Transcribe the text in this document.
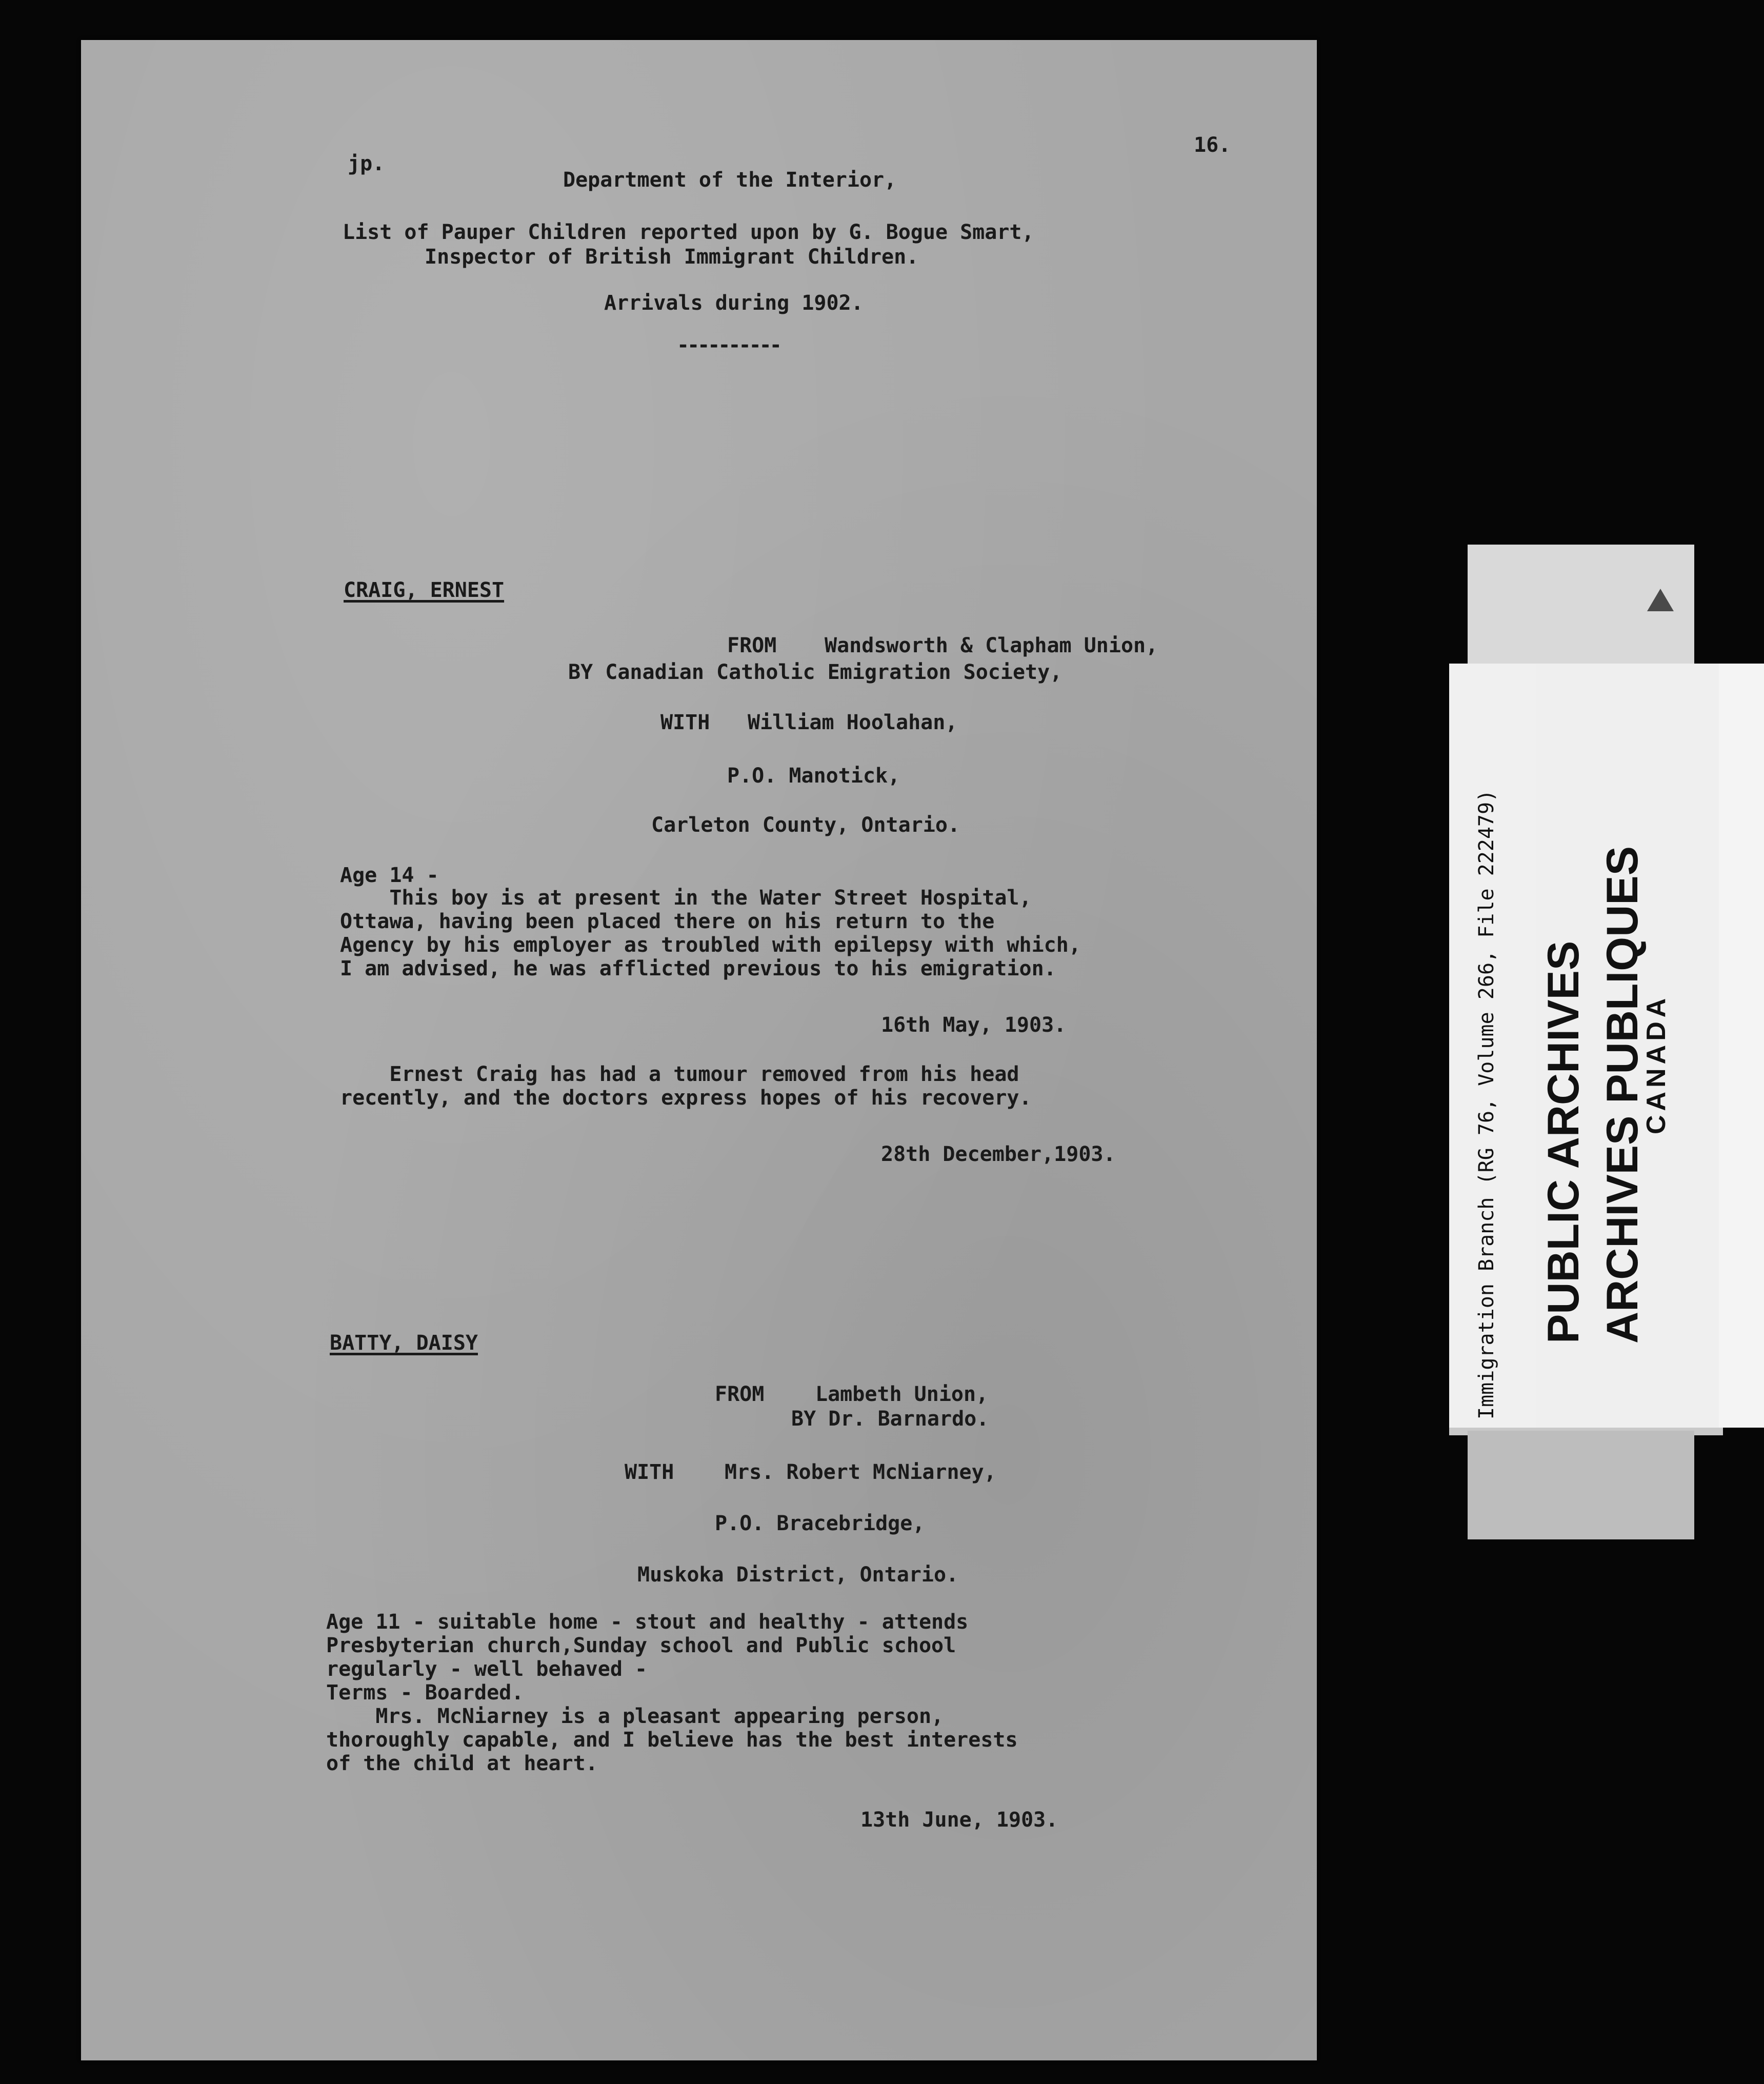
jp.

16.

Department of the Interior,

List of Pauper Children reported upon by G. Bogue Smart,

Inspector of British Immigrant Children.

Arrivals during 1902.

----------

CRAIG, ERNEST

FROM Wandsworth & Clapham Union,

BY Canadian Catholic Emigration Society,

WITH William Hoolahan,

P.O. Manotick,

Carleton County, Ontario.

Age 14 -

This boy is at present in the Water Street Hospital,

Ottawa, having been placed there on his return to the

Agency by his employer as troubled with epilepsy with which,

I am advised, he was afflicted previous to his emigration.

16th May, 1903.

Ernest Craig has had a tumour removed from his head

recently, and the doctors express hopes of his recovery.

28th December,1903.

BATTY, DAISY

FROM Lambeth Union,

BY Dr. Barnardo.

WITH Mrs. Robert McNiarney,

P.O. Bracebridge,

Muskoka District, Ontario.

Age 11 - suitable home - stout and healthy - attends

Presbyterian church,Sunday school and Public school

regularly - well behaved -

Terms - Boarded.

Mrs. McNiarney is a pleasant appearing person,

thoroughly capable, and I believe has the best interests

of the child at heart.

13th June, 1903.

Immigration Branch (RG 76, Volume 266, File 222479) PUBLIC ARCHIVES ARCHIVES PUBLIQUES

CANADA
